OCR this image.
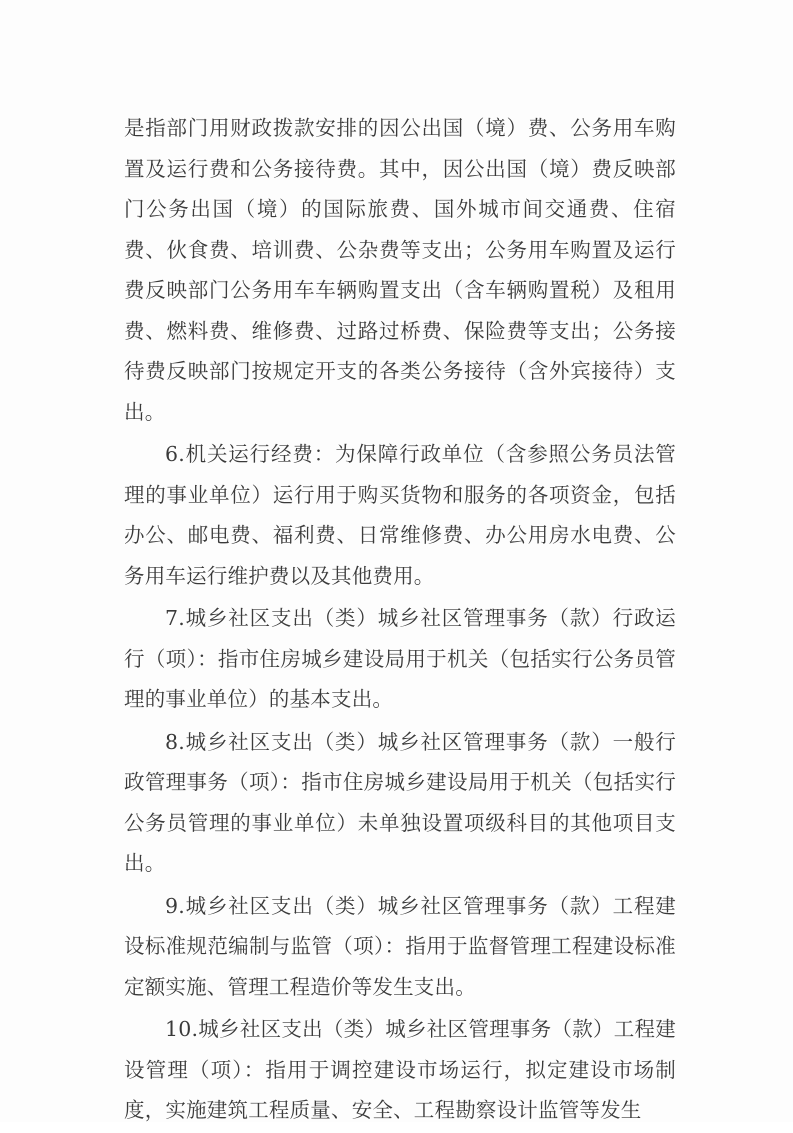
是指部门用财政拨款安排的因公出国（境）费、公务用车购置及运行费和公务接待费。其中，因公出国（境）费反映部门公务出国（境）的国际旅费、国外城市间交通费、住宿费、伙食费、培训费、公杂费等支出；公务用车购置及运行费反映部门公务用车车辆购置支出（含车辆购置税）及租用费、燃料费、维修费、过路过桥费、保险费等支出；公务接待费反映部门按规定开支的各类公务接待（含外宾接待）支出。

6.机关运行经费：为保障行政单位（含参照公务员法管理的事业单位）运行用于购买货物和服务的各项资金，包括办公、邮电费、福利费、日常维修费、办公用房水电费、公务用车运行维护费以及其他费用。

7.城乡社区支出（类）城乡社区管理事务（款）行政运行（项）：指市住房城乡建设局用于机关（包括实行公务员管理的事业单位）的基本支出。

8.城乡社区支出（类）城乡社区管理事务（款）一般行政管理事务（项）：指市住房城乡建设局用于机关（包括实行公务员管理的事业单位）未单独设置项级科目的其他项目支出。

9.城乡社区支出（类）城乡社区管理事务（款）工程建设标准规范编制与监管（项）：指用于监督管理工程建设标准定额实施、管理工程造价等发生支出。

10.城乡社区支出（类）城乡社区管理事务（款）工程建设管理（项）：指用于调控建设市场运行，拟定建设市场制度，实施建筑工程质量、安全、工程勘察设计监管等发生
